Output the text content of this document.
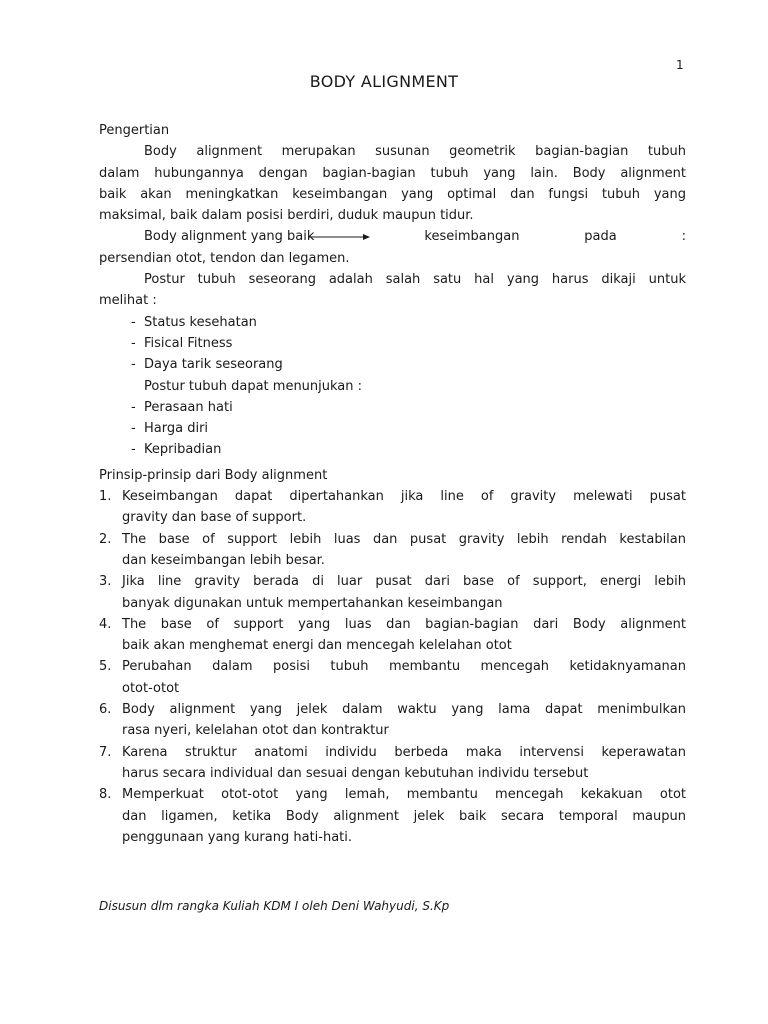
1
BODY ALIGNMENT
Pengertian
Body alignment merupakan susunan geometrik bagian-bagian tubuh
dalam hubungannya dengan bagian-bagian tubuh yang lain. Body alignment
baik akan meningkatkan keseimbangan yang optimal dan fungsi tubuh yang
maksimal, baik dalam posisi berdiri, duduk maupun tidur.
Body alignment yang baik	keseimbangan	pada	:
persendian otot, tendon dan legamen.
Postur tubuh seseorang adalah salah satu hal yang harus dikaji untuk
melihat :
- Status kesehatan
- Fisical Fitness
- Daya tarik seseorang
Postur tubuh dapat menunjukan :
- Perasaan hati
- Harga diri
- Kepribadian
Prinsip-prinsip dari Body alignment
1. Keseimbangan dapat dipertahankan jika line of gravity melewati pusat
gravity dan base of support.
2. The base of support lebih luas dan pusat gravity lebih rendah kestabilan
dan keseimbangan lebih besar.
3. Jika line gravity berada di luar pusat dari base of support, energi lebih
banyak digunakan untuk mempertahankan keseimbangan
4. The base of support yang luas dan bagian-bagian dari Body alignment
baik akan menghemat energi dan mencegah kelelahan otot
5. Perubahan dalam posisi tubuh membantu mencegah ketidaknyamanan
otot-otot
6. Body alignment yang jelek dalam waktu yang lama dapat menimbulkan
rasa nyeri, kelelahan otot dan kontraktur
7. Karena struktur anatomi individu berbeda maka intervensi keperawatan
harus secara individual dan sesuai dengan kebutuhan individu tersebut
8. Memperkuat otot-otot yang lemah, membantu mencegah kekakuan otot
dan ligamen, ketika Body alignment jelek baik secara temporal maupun
penggunaan yang kurang hati-hati.
Disusun dlm rangka Kuliah KDM I oleh Deni Wahyudi, S.Kp
